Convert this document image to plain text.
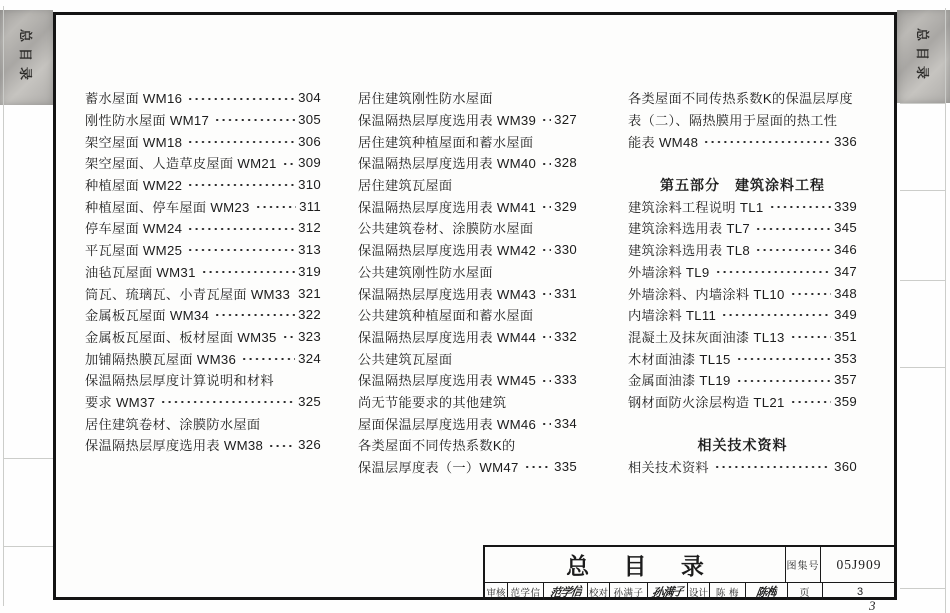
总目录	总目录
蓄水屋面 WM16	304
刚性防水屋面 WM17	305
架空屋面 WM18	306
架空屋面、人造草皮屋面 WM21 309
种植屋面 WM22	310
种植屋面、停车屋面 WM23	311
停车屋面 WM24	312
平瓦屋面 WM25	313
油毡瓦屋面 WM31	319
筒瓦、琉璃瓦、小青瓦屋面 WM33 321
金属板瓦屋面 WM34	322
金属板瓦屋面、板材屋面 WM35 323
加铺隔热膜瓦屋面 WM36	324
保温隔热层厚度计算说明和材料
要求 WM37	325
居住建筑卷材、涂膜防水屋面
保温隔热层厚度选用表 WM38	326
居住建筑刚性防水屋面
保温隔热层厚度选用表 WM39 327
居住建筑种植屋面和蓄水屋面
保温隔热层厚度选用表 WM40 328
居住建筑瓦屋面
保温隔热层厚度选用表 WM41 329
公共建筑卷材、涂膜防水屋面
保温隔热层厚度选用表 WM42 330
公共建筑刚性防水屋面
保温隔热层厚度选用表 WM43 331
公共建筑种植屋面和蓄水屋面
保温隔热层厚度选用表 WM44 332
公共建筑瓦屋面
保温隔热层厚度选用表 WM45 333
尚无节能要求的其他建筑
屋面保温层厚度选用表 WM46 334
各类屋面不同传热系数K的
保温层厚度表（一）WM47	335
各类屋面不同传热系数K的保温层厚度
表（二）、隔热膜用于屋面的热工性
能表 WM48	336
第五部分　建筑涂料工程
建筑涂料工程说明 TL1	339
建筑涂料选用表 TL7	345
建筑涂料选用表 TL8	346
外墙涂料 TL9	347
外墙涂料、内墙涂料 TL10	348
内墙涂料 TL11	349
混凝土及抹灰面油漆 TL13	351
木材面油漆 TL15	353
金属面油漆 TL19	357
钢材面防火涂层构造 TL21	359
相关技术资料
相关技术资料	360
总 目 录	图集号	05J909
审核 范学信 范学信 校对 孙满子 孙满子 设计 陈 梅	陈梅	页	3
3
